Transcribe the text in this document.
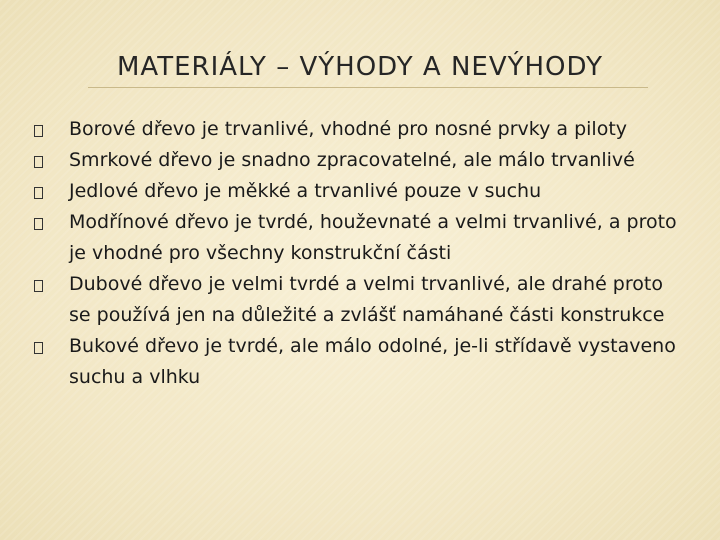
MATERIÁLY – VÝHODY A NEVÝHODY
Borové dřevo je trvanlivé, vhodné pro nosné prvky a piloty
Smrkové dřevo je snadno zpracovatelné, ale málo trvanlivé
Jedlové dřevo je měkké a trvanlivé pouze v suchu
Modřínové dřevo je tvrdé, houževnaté a velmi trvanlivé, a proto je vhodné pro všechny konstrukční části
Dubové dřevo je velmi tvrdé a velmi trvanlivé, ale drahé proto se používá jen na důležité a zvlášť namáhané části konstrukce
Bukové dřevo je tvrdé, ale málo odolné, je-li střídavě vystaveno suchu a vlhku
